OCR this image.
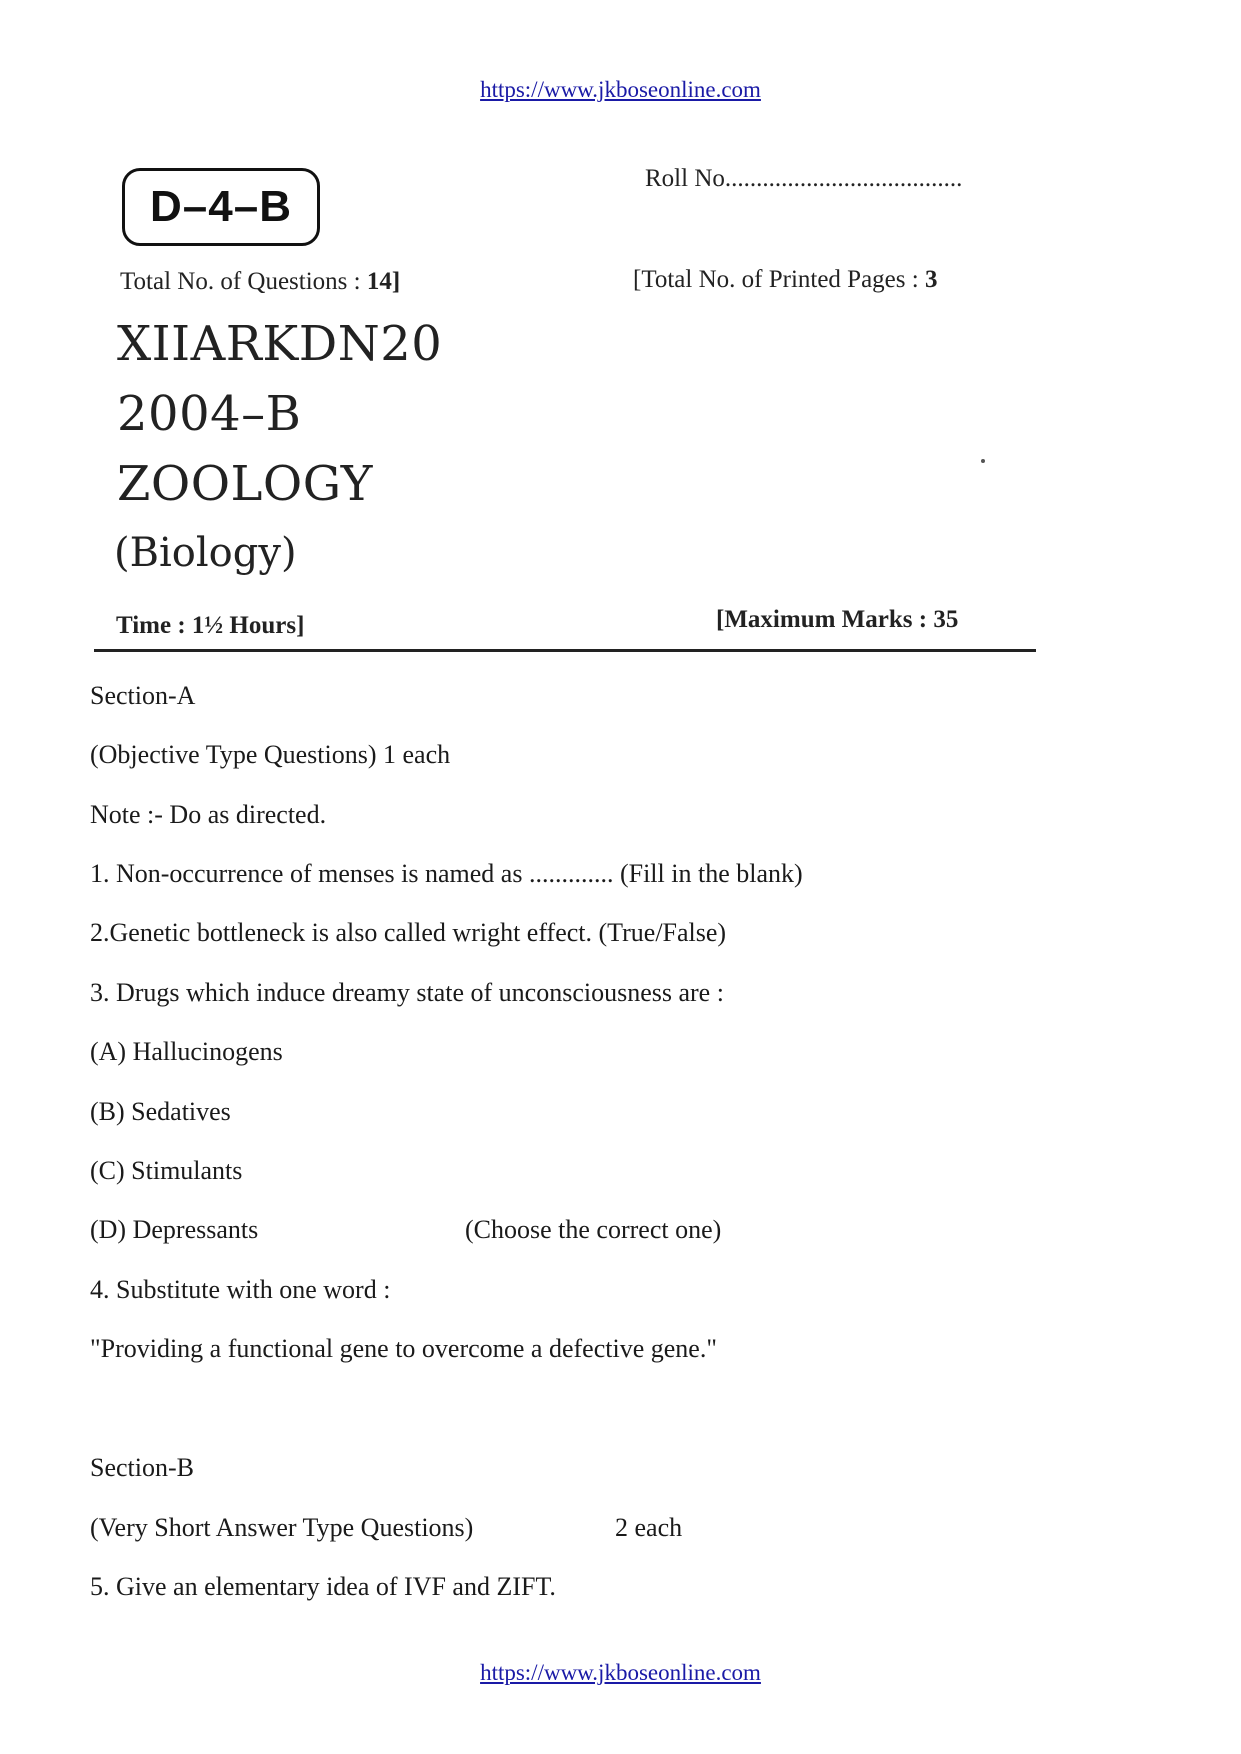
https://www.jkboseonline.com
D–4–B
Roll No......................................
Total No. of Questions : 14]	[Total No. of Printed Pages : 3
XIIARKDN20
2004–B
ZOOLOGY
(Biology)
Time : 1½ Hours]	[Maximum Marks : 35
Section-A
(Objective Type Questions) 1 each
Note :- Do as directed.
1. Non-occurrence of menses is named as ............. (Fill in the blank)
2.Genetic bottleneck is also called wright effect. (True/False)
3. Drugs which induce dreamy state of unconsciousness are :
(A) Hallucinogens
(B) Sedatives
(C) Stimulants
(D) Depressants	(Choose the correct one)
4. Substitute with one word :
"Providing a functional gene to overcome a defective gene."
Section-B
(Very Short Answer Type Questions)	2 each
5. Give an elementary idea of IVF and ZIFT.
https://www.jkboseonline.com
